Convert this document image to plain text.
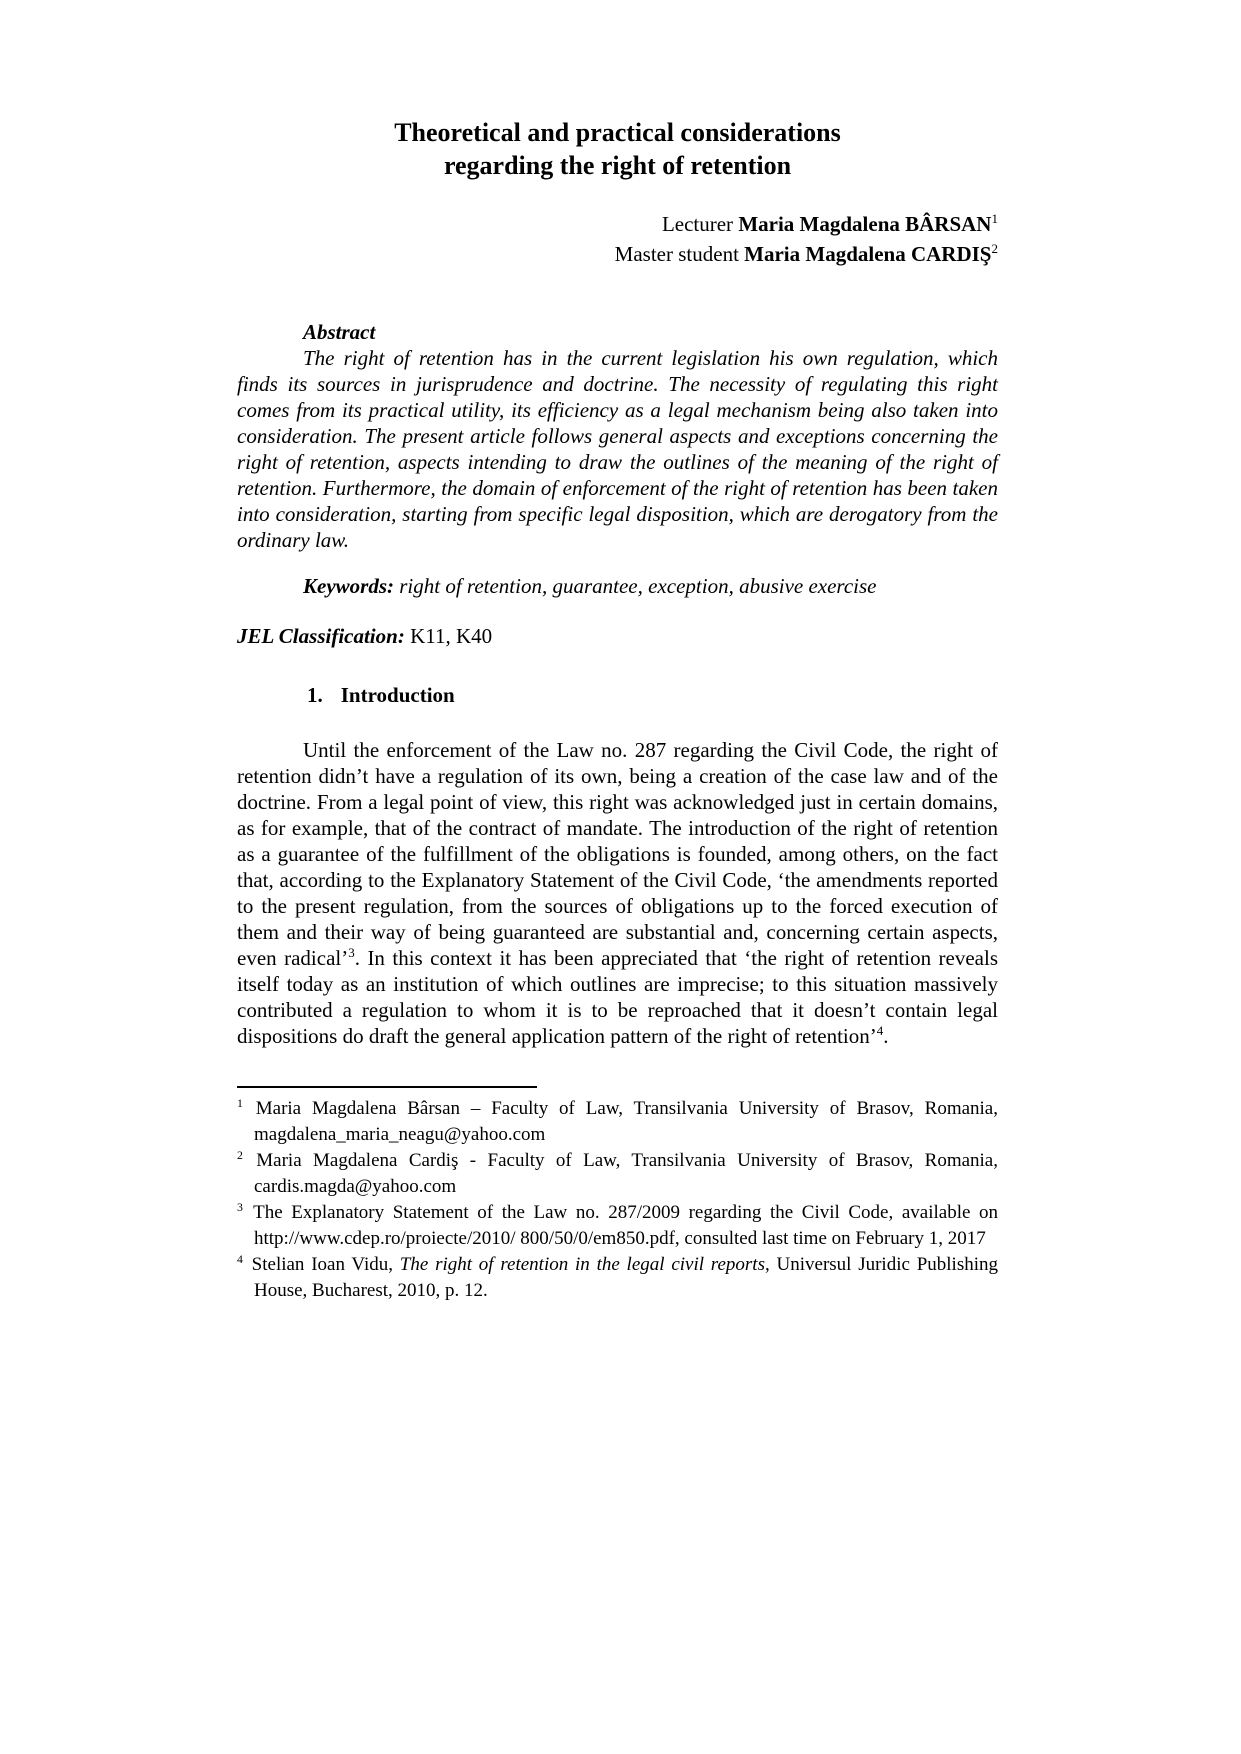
Theoretical and practical considerations
regarding the right of retention
Lecturer Maria Magdalena BÂRSAN$^1$
Master student Maria Magdalena CARDIŞ$^2$
Abstract
The right of retention has in the current legislation his own regulation, which finds its sources in jurisprudence and doctrine. The necessity of regulating this right comes from its practical utility, its efficiency as a legal mechanism being also taken into consideration. The present article follows general aspects and exceptions concerning the right of retention, aspects intending to draw the outlines of the meaning of the right of retention. Furthermore, the domain of enforcement of the right of retention has been taken into consideration, starting from specific legal disposition, which are derogatory from the ordinary law.
Keywords: right of retention, guarantee, exception, abusive exercise
JEL Classification: K11, K40
1. Introduction
Until the enforcement of the Law no. 287 regarding the Civil Code, the right of retention didn’t have a regulation of its own, being a creation of the case law and of the doctrine. From a legal point of view, this right was acknowledged just in certain domains, as for example, that of the contract of mandate. The introduction of the right of retention as a guarantee of the fulfillment of the obligations is founded, among others, on the fact that, according to the Explanatory Statement of the Civil Code, ‘the amendments reported to the present regulation, from the sources of obligations up to the forced execution of them and their way of being guaranteed are substantial and, concerning certain aspects, even radical’$^3$. In this context it has been appreciated that ‘the right of retention reveals itself today as an institution of which outlines are imprecise; to this situation massively contributed a regulation to whom it is to be reproached that it doesn’t contain legal dispositions do draft the general application pattern of the right of retention’$^4$.
$^1$ Maria Magdalena Bârsan – Faculty of Law, Transilvania University of Brasov, Romania, magdalena_maria_neagu@yahoo.com
$^2$ Maria Magdalena Cardiş - Faculty of Law, Transilvania University of Brasov, Romania, cardis.magda@yahoo.com
$^3$ The Explanatory Statement of the Law no. 287/2009 regarding the Civil Code, available on http://www.cdep.ro/proiecte/2010/ 800/50/0/em850.pdf, consulted last time on February 1, 2017
$^4$ Stelian Ioan Vidu, The right of retention in the legal civil reports, Universul Juridic Publishing House, Bucharest, 2010, p. 12.
